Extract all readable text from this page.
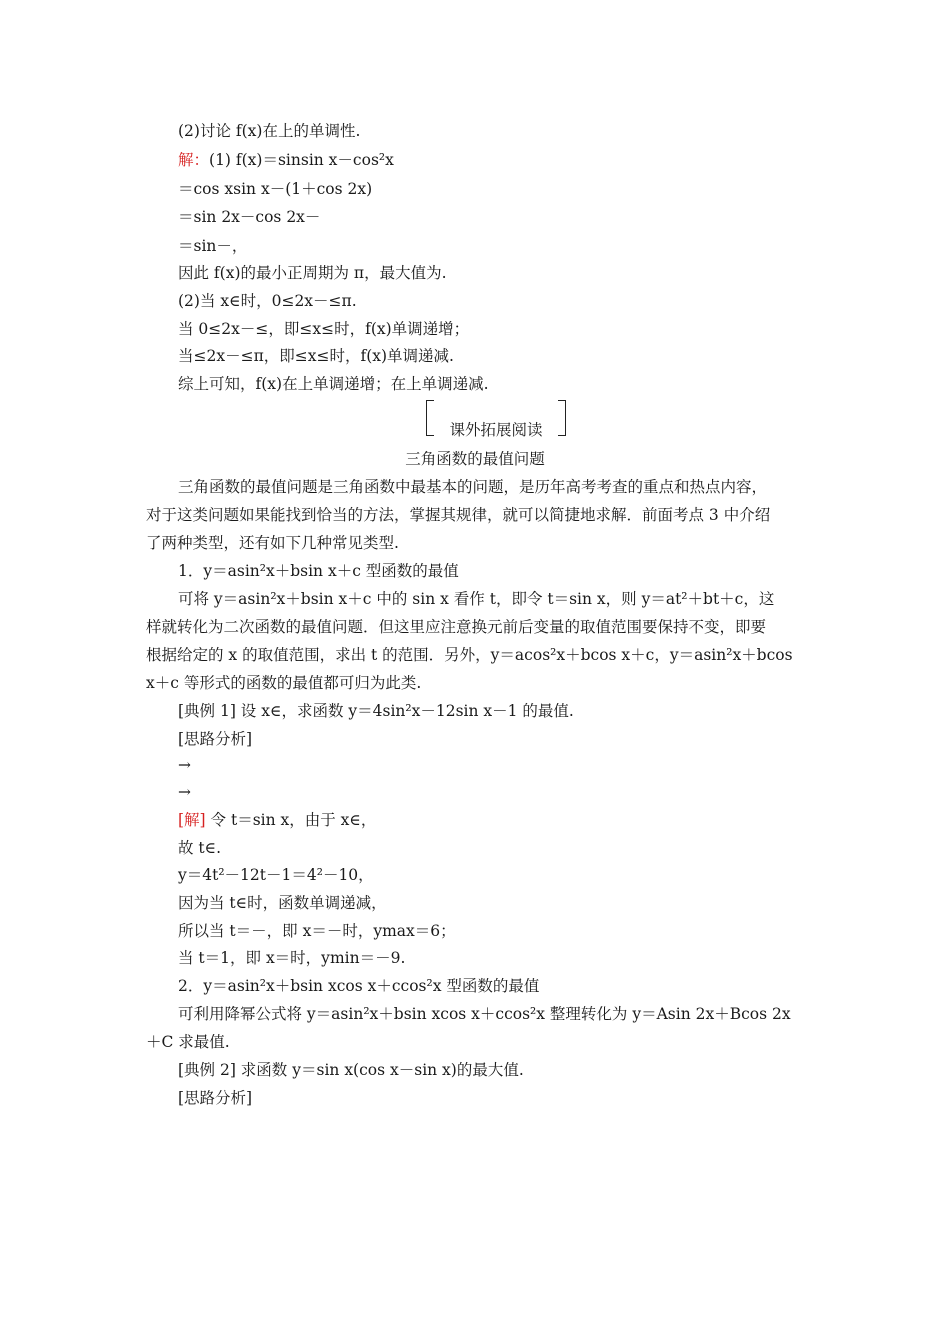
(2)讨论 f(x)在上的单调性.
解：(1) f(x)＝sinsin x－cos²x
＝cos xsin x－(1＋cos 2x)
＝sin 2x－cos 2x－
＝sin－，
因此 f(x)的最小正周期为 π，最大值为.
(2)当 x∈时，0≤2x－≤π.
当 0≤2x－≤，即≤x≤时，f(x)单调递增；
当≤2x－≤π，即≤x≤时，f(x)单调递减.
综上可知，f(x)在上单调递增；在上单调递减.
课外拓展阅读
三角函数的最值问题
三角函数的最值问题是三角函数中最基本的问题，是历年高考考查的重点和热点内容，
对于这类问题如果能找到恰当的方法，掌握其规律，就可以简捷地求解．前面考点 3 中介绍
了两种类型，还有如下几种常见类型.
1．y＝asin²x＋bsin x＋c 型函数的最值
可将 y＝asin²x＋bsin x＋c 中的 sin x 看作 t，即令 t＝sin x，则 y＝at²＋bt＋c，这
样就转化为二次函数的最值问题．但这里应注意换元前后变量的取值范围要保持不变，即要
根据给定的 x 的取值范围，求出 t 的范围．另外，y＝acos²x＋bcos x＋c，y＝asin²x＋bcos
x＋c 等形式的函数的最值都可归为此类.
[典例 1] 设 x∈，求函数 y＝4sin²x－12sin x－1 的最值.
[思路分析]
→
→
[解] 令 t＝sin x，由于 x∈，
故 t∈.
y＝4t²－12t－1＝4²－10，
因为当 t∈时，函数单调递减，
所以当 t＝－，即 x＝－时，ymax＝6；
当 t＝1，即 x＝时，ymin＝－9.
2．y＝asin²x＋bsin xcos x＋ccos²x 型函数的最值
可利用降幂公式将 y＝asin²x＋bsin xcos x＋ccos²x 整理转化为 y＝Asin 2x＋Bcos 2x
＋C 求最值.
[典例 2] 求函数 y＝sin x(cos x－sin x)的最大值.
[思路分析]
